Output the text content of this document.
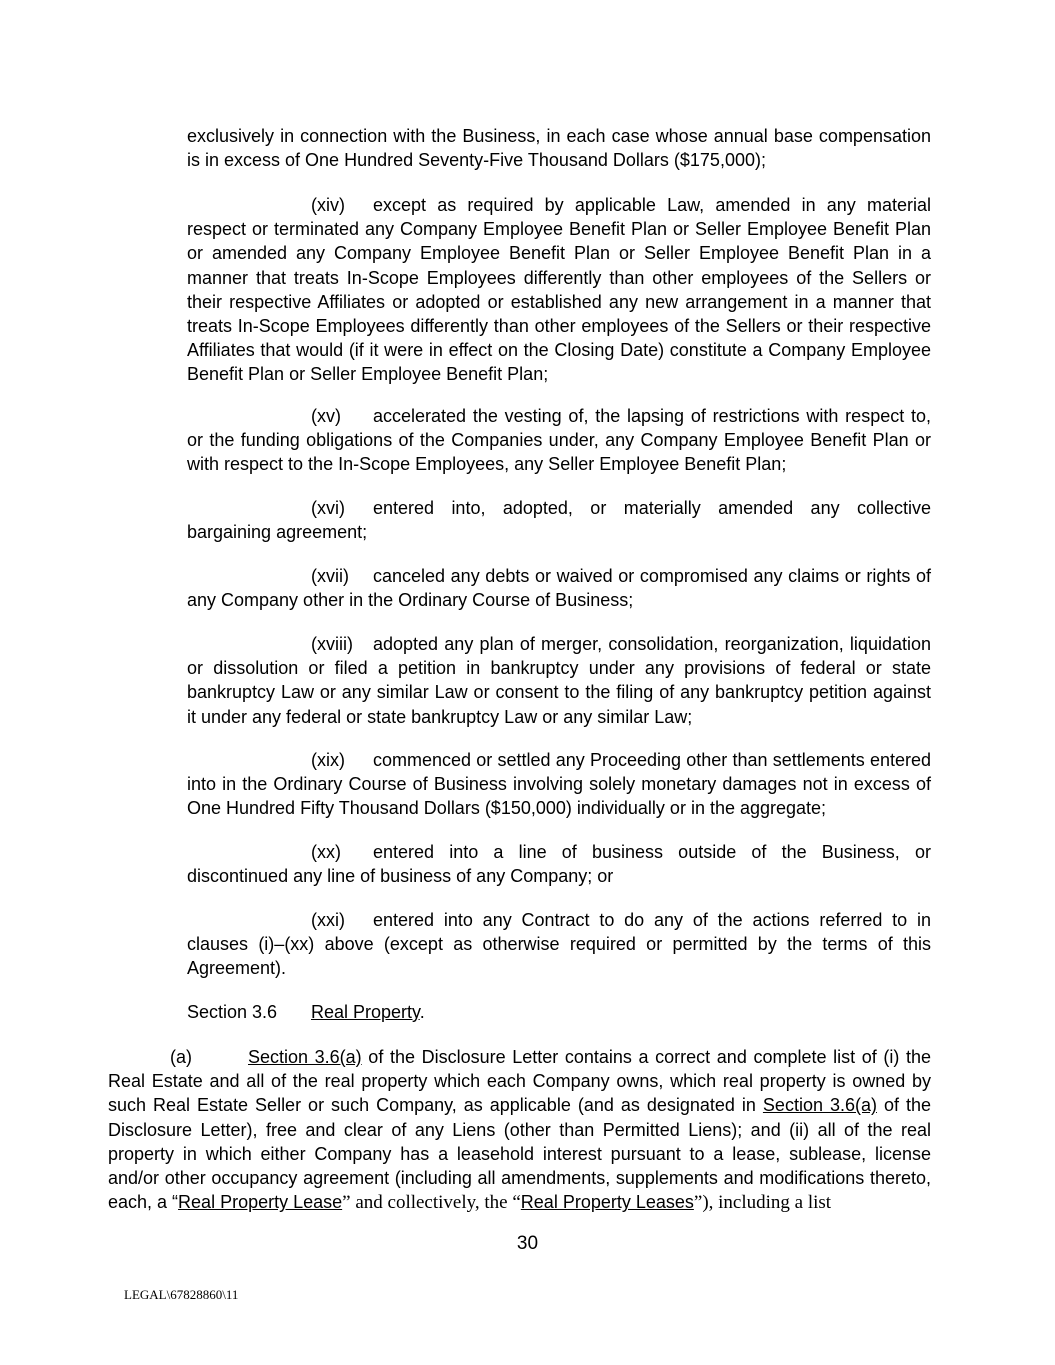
exclusively in connection with the Business, in each case whose annual base compensation is in excess of One Hundred Seventy-Five Thousand Dollars ($175,000);

(xiv) except as required by applicable Law, amended in any material respect or terminated any Company Employee Benefit Plan or Seller Employee Benefit Plan or amended any Company Employee Benefit Plan or Seller Employee Benefit Plan in a manner that treats In-Scope Employees differently than other employees of the Sellers or their respective Affiliates or adopted or established any new arrangement in a manner that treats In-Scope Employees differently than other employees of the Sellers or their respective Affiliates that would (if it were in effect on the Closing Date) constitute a Company Employee Benefit Plan or Seller Employee Benefit Plan;

(xv) accelerated the vesting of, the lapsing of restrictions with respect to, or the funding obligations of the Companies under, any Company Employee Benefit Plan or with respect to the In-Scope Employees, any Seller Employee Benefit Plan;

(xvi) entered into, adopted, or materially amended any collective bargaining agreement;

(xvii) canceled any debts or waived or compromised any claims or rights of any Company other in the Ordinary Course of Business;

(xviii) adopted any plan of merger, consolidation, reorganization, liquidation or dissolution or filed a petition in bankruptcy under any provisions of federal or state bankruptcy Law or any similar Law or consent to the filing of any bankruptcy petition against it under any federal or state bankruptcy Law or any similar Law;

(xix) commenced or settled any Proceeding other than settlements entered into in the Ordinary Course of Business involving solely monetary damages not in excess of One Hundred Fifty Thousand Dollars ($150,000) individually or in the aggregate;

(xx) entered into a line of business outside of the Business, or discontinued any line of business of any Company; or

(xxi) entered into any Contract to do any of the actions referred to in clauses (i)–(xx) above (except as otherwise required or permitted by the terms of this Agreement).

Section 3.6 Real Property.

(a)	Section 3.6(a) of the Disclosure Letter contains a correct and complete list of (i) the Real Estate and all of the real property which each Company owns, which real property is owned by such Real Estate Seller or such Company, as applicable (and as designated in Section 3.6(a) of the Disclosure Letter), free and clear of any Liens (other than Permitted Liens); and (ii) all of the real property in which either Company has a leasehold interest pursuant to a lease, sublease, license and/or other occupancy agreement (including all amendments, supplements and modifications thereto, each, a “Real Property Lease” and collectively, the “Real Property Leases”), including a list

30
LEGAL\67828860\11
